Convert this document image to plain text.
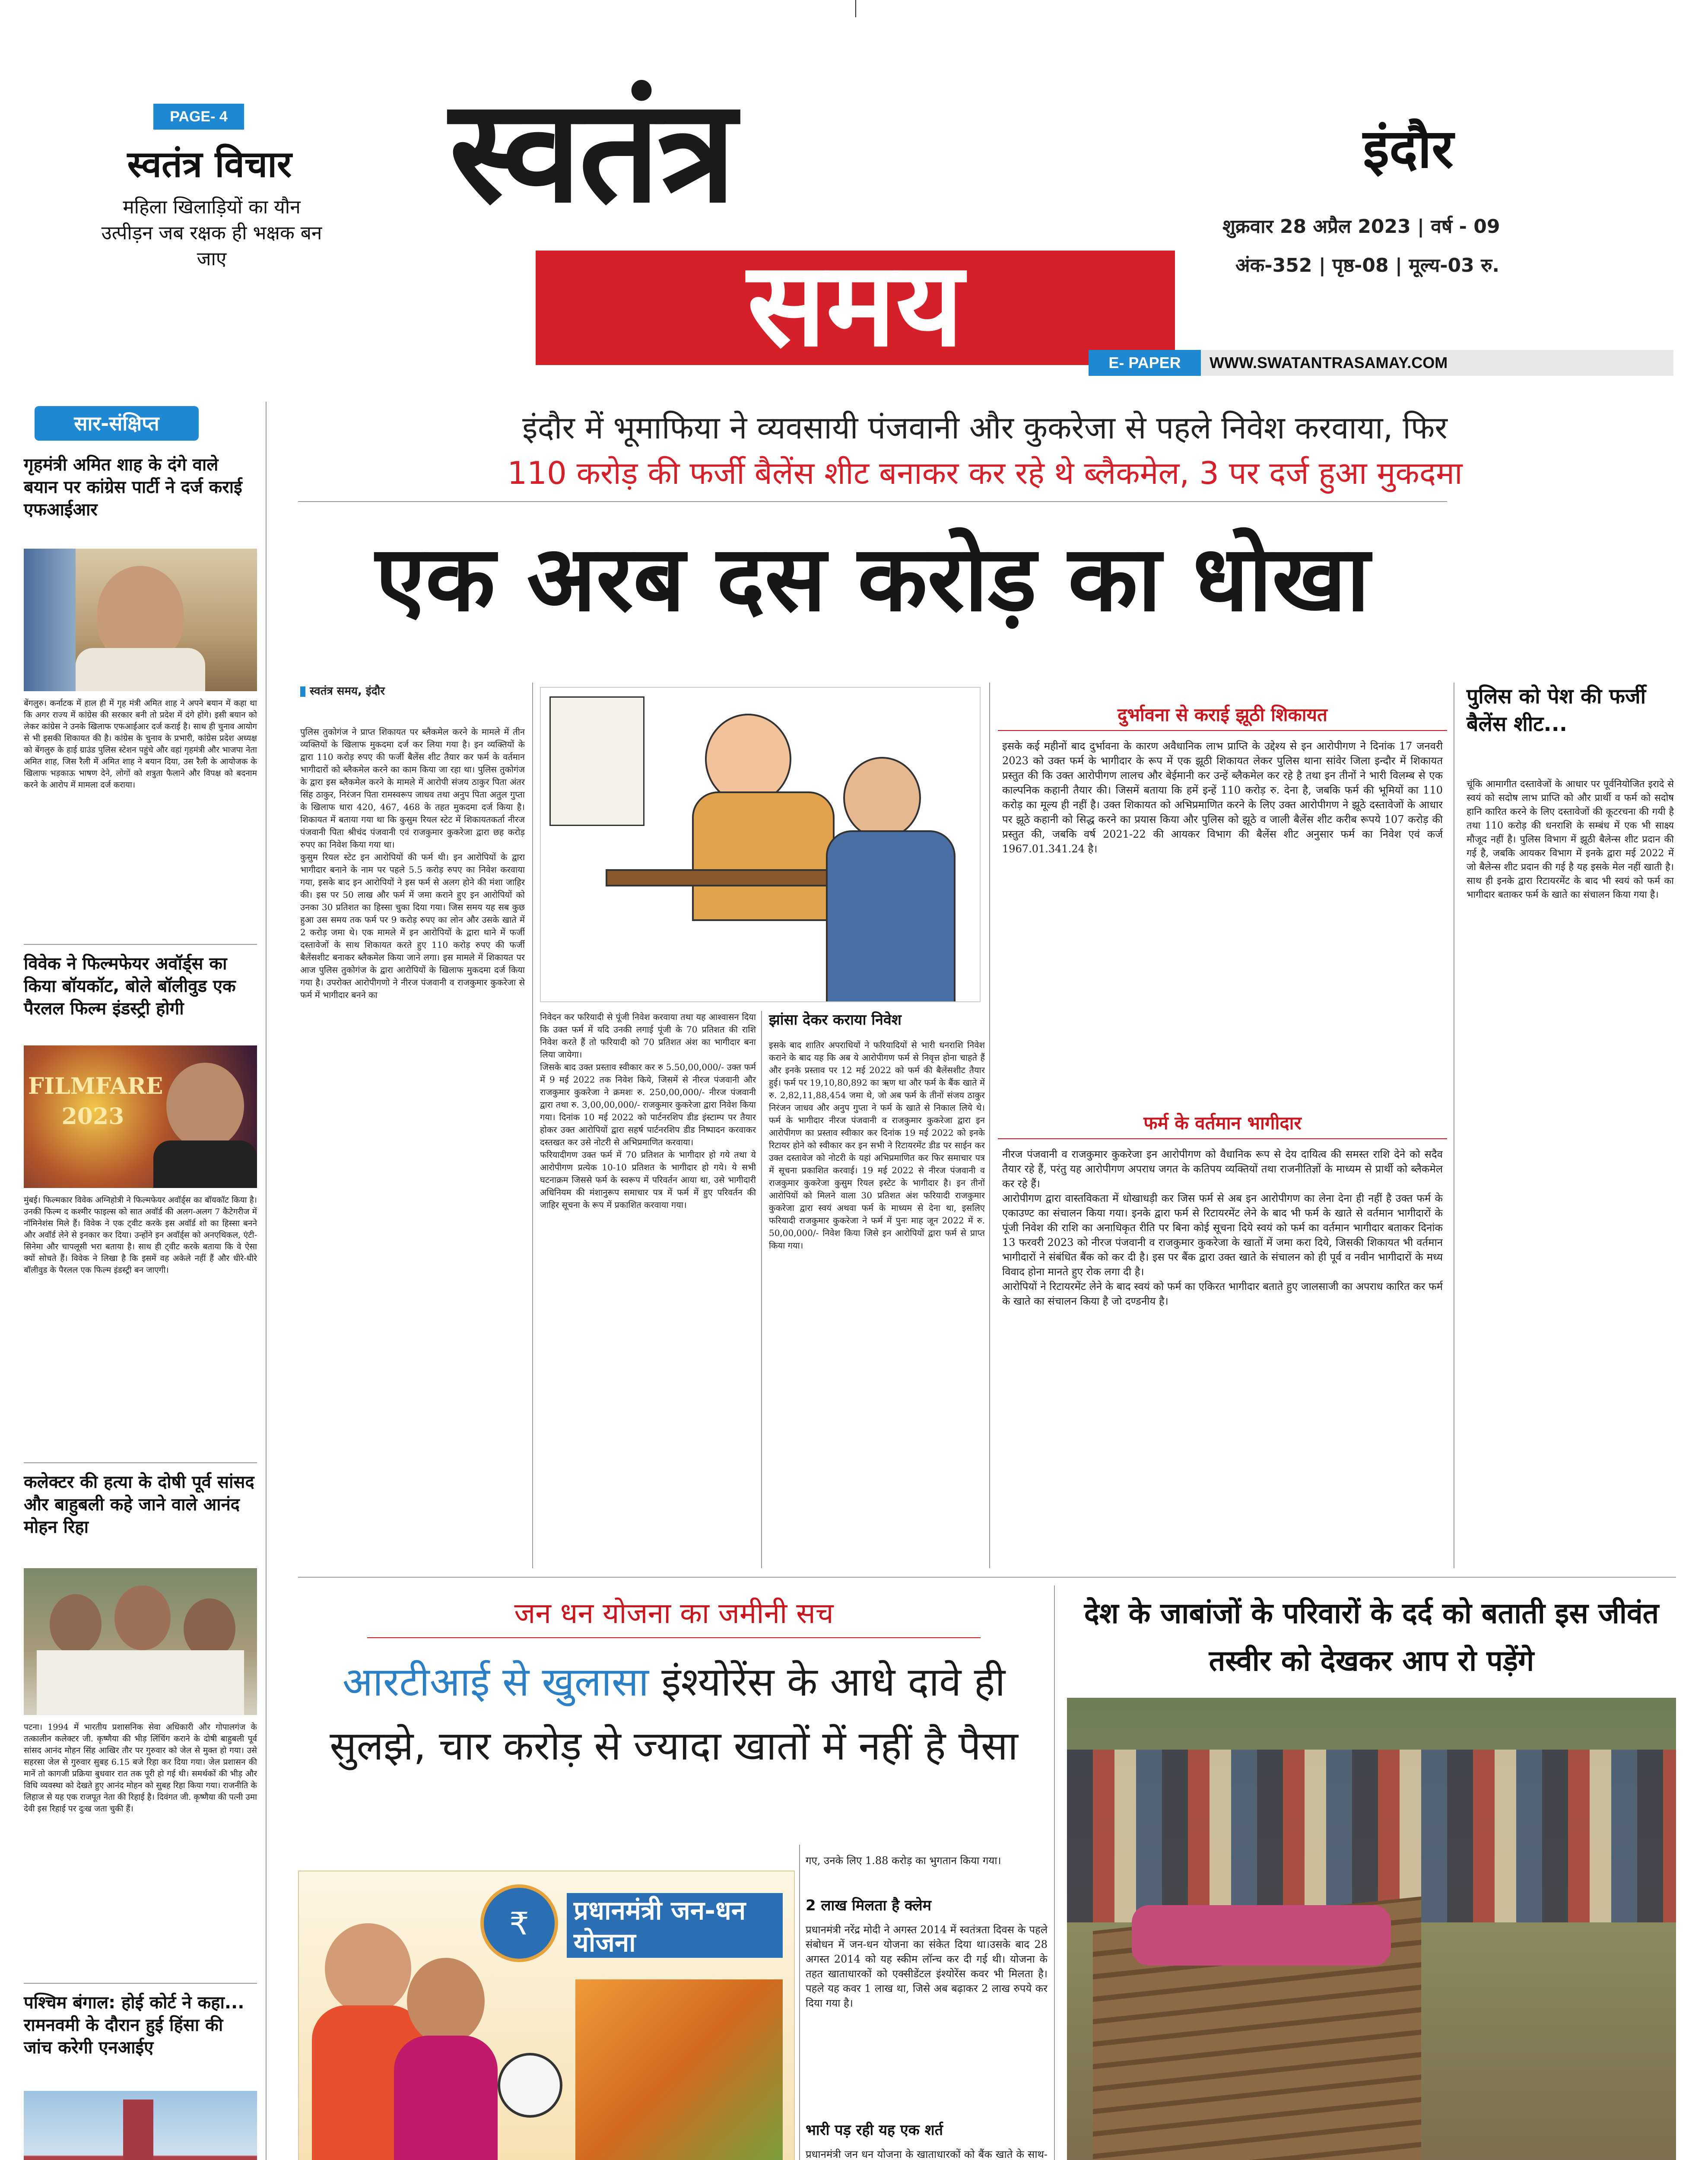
PAGE- 4
स्वतंत्र विचार
महिला खिलाड़ियों का यौन उत्पीड़न जब रक्षक ही भक्षक बन जाए
स्वतंत्र
समय
इंदौर
शुक्रवार 28 अप्रैल 2023 | वर्ष - 09
अंक-352 | पृष्ठ-08 | मूल्य-03 रु.
E- PAPER	WWW.SWATANTRASAMAY.COM
सार-संक्षिप्त
गृहमंत्री अमित शाह के दंगे वाले बयान पर कांग्रेस पार्टी ने दर्ज कराई एफआईआर
बेंगलुरु। कर्नाटक में हाल ही में गृह मंत्री अमित शाह ने अपने बयान में कहा था कि अगर राज्य में कांग्रेस की सरकार बनी तो प्रदेश में दंगे होंगे। इसी बयान को लेकर कांग्रेस ने उनके खिलाफ एफआईआर दर्ज कराई है। साथ ही चुनाव आयोग से भी इसकी शिकायत की है। कांग्रेस के चुनाव के प्रभारी, कांग्रेस प्रदेश अध्यक्ष को बेंगलुरु के हाई ग्राउंड पुलिस स्टेशन पहुंचे और वहां गृहमंत्री और भाजपा नेता अमित शाह, जिस रैली में अमित शाह ने बयान दिया, उस रैली के आयोजक के खिलाफ भड़काऊ भाषण देने, लोगों को शत्रुता फैलाने और विपक्ष को बदनाम करने के आरोप में मामला दर्ज कराया।
विवेक ने फिल्मफेयर अवॉर्ड्स का किया बॉयकॉट, बोले बॉलीवुड एक पैरलल फिल्म इंडस्ट्री होगी
FILMFARE 2023
मुंबई। फिल्मकार विवेक अग्निहोत्री ने फिल्मफेयर अवॉर्ड्स का बॉयकॉट किया है। उनकी फिल्म द कश्मीर फाइल्स को सात अवॉर्ड की अलग-अलग 7 कैटेगरीज में नॉमिनेशंस मिले हैं। विवेक ने एक ट्वीट करके इस अवॉर्ड शो का हिस्सा बनने और अवॉर्ड लेने से इनकार कर दिया। उन्होंने इन अवॉर्ड्स को अनएथिकल, एंटी-सिनेमा और चापलूसी भरा बताया है। साथ ही ट्वीट करके बताया कि वे ऐसा क्यों सोचते हैं। विवेक ने लिखा है कि इसमें वह अकेले नहीं हैं और धीरे-धीरे बॉलीवुड के पैरलल एक फिल्म इंडस्ट्री बन जाएगी।
कलेक्टर की हत्या के दोषी पूर्व सांसद और बाहुबली कहे जाने वाले आनंद मोहन रिहा
पटना। 1994 में भारतीय प्रशासनिक सेवा अधिकारी और गोपालगंज के तत्कालीन कलेक्टर जी. कृष्णैया की भीड़ लिंचिंग कराने के दोषी बाहुबली पूर्व सांसद आनंद मोहन सिंह आखिर तौर पर गुरुवार को जेल से मुक्त हो गया। उसे सहरसा जेल से गुरुवार सुबह 6.15 बजे रिहा कर दिया गया। जेल प्रशासन की मानें तो कागजी प्रक्रिया बुधवार रात तक पूरी हो गई थी। समर्थकों की भीड़ और विधि व्यवस्था को देखते हुए आनंद मोहन को सुबह रिहा किया गया। राजनीति के लिहाज से यह एक राजपूत नेता की रिहाई है। दिवंगत जी. कृष्णैया की पत्नी उमा देवी इस रिहाई पर दुःख जता चुकी हैं।
पश्चिम बंगाल: होई कोर्ट ने कहा... रामनवमी के दौरान हुई हिंसा की जांच करेगी एनआईए
इंदौर में भूमाफिया ने व्यवसायी पंजवानी और कुकरेजा से पहले निवेश करवाया, फिर
110 करोड़ की फर्जी बैलेंस शीट बनाकर कर रहे थे ब्लैकमेल, 3 पर दर्ज हुआ मुकदमा
एक अरब दस करोड़ का धोखा
स्वतंत्र समय, इंदौर
पुलिस तुकोगंज ने प्राप्त शिकायत पर ब्लैकमेल करने के मामले में तीन व्यक्तियों के खिलाफ मुकदमा दर्ज कर लिया गया है। इन व्यक्तियों के द्वारा 110 करोड़ रुपए की फर्जी बैलेंस शीट तैयार कर फर्म के वर्तमान भागीदारों को ब्लैकमेल करने का काम किया जा रहा था। पुलिस तुकोगंज के द्वारा इस ब्लैकमेल करने के मामले में आरोपी संजय ठाकुर पिता अंतर सिंह ठाकुर, निरंजन पिता रामस्वरूप जाधव तथा अनुप पिता अतुल गुप्ता के खिलाफ धारा 420, 467, 468 के तहत मुकदमा दर्ज किया है। शिकायत में बताया गया था कि कुसुम रियल स्टेट में शिकायतकर्ता नीरज पंजवानी पिता श्रीचंद पंजवानी एवं राजकुमार कुकरेजा द्वारा छह करोड़ रुपए का निवेश किया गया था।
कुसुम रियल स्टेट इन आरोपियों की फर्म थी। इन आरोपियों के द्वारा भागीदार बनाने के नाम पर पहले 5.5 करोड़ रुपए का निवेश करवाया गया, इसके बाद इन आरोपियों ने इस फर्म से अलग होने की मंशा जाहिर की। इस पर 50 लाख और फर्म में जमा कराने हुए इन आरोपियों को उनका 30 प्रतिशत का हिस्सा चुका दिया गया। जिस समय यह सब कुछ हुआ उस समय तक फर्म पर 9 करोड़ रुपए का लोन और उसके खाते में 2 करोड़ जमा थे। एक मामले में इन आरोपियों के द्वारा थाने में फर्जी दस्तावेजों के साथ शिकायत करते हुए 110 करोड़ रुपए की फर्जी बैलेंसशीट बनाकर ब्लैकमेल किया जाने लगा। इस मामले में शिकायत पर आज पुलिस तुकोगंज के द्वारा आरोपियों के खिलाफ मुकदमा दर्ज किया गया है। उपरोक्त आरोपीगणो ने नीरज पंजवानी व राजकुमार कुकरेजा से फर्म में भागीदार बनने का
निवेदन कर फरियादी से पूंजी निवेश करवाया तथा यह आश्वासन दिया कि उक्त फर्म में यदि उनकी लगाई पूंजी के 70 प्रतिशत की राशि निवेश करते हैं तो फरियादी को 70 प्रतिशत अंश का भागीदार बना लिया जायेगा।
जिसके बाद उक्त प्रस्ताव स्वीकार कर रु 5.50,00,000/- उक्त फर्म में 9 मई 2022 तक निवेश किये, जिसमें से नीरज पंजवानी और राजकुमार कुकरेजा ने क्रमशः रु. 250,00,000/- नीरज पंजवानी द्वारा तथा रु. 3,00,00,000/- राजकुमार कुकरेजा द्वारा निवेश किया गया। दिनांक 10 मई 2022 को पार्टनरशिप डीड इंस्टाम्प पर तैयार होकर उक्त आरोपियों द्वारा सहर्ष पार्टनरशिप डीड निष्पादन करवाकर दस्तखत कर उसे नोटरी से अभिप्रमाणित करवाया।
फरियादीगण उक्त फर्म में 70 प्रतिशत के भागीदार हो गये तथा ये आरोपीगण प्रत्येक 10-10 प्रतिशत के भागीदार हो गये। ये सभी घटनाक्रम जिससे फर्म के स्वरूप में परिवर्तन आया था, उसे भागीदारी अधिनियम की मंशानुरूप समाचार पत्र में फर्म में हुए परिवर्तन की जाहिर सूचना के रूप में प्रकाशित करवाया गया।
झांसा देकर कराया निवेश
इसके बाद शातिर अपराधियों ने फरियादियों से भारी धनराशि निवेश कराने के बाद यह कि अब ये आरोपीगण फर्म से निवृत्त होना चाहते हैं और इनके प्रस्ताव पर 12 मई 2022 को फर्म की बैलेंसशीट तैयार हुई। फर्म पर 19,10,80,892 का ऋण था और फर्म के बैंक खाते में रु. 2,82,11,88,454 जमा थे, जो अब फर्म के तीनों संजय ठाकुर निरंजन जाधव और अनुप गुप्ता ने फर्म के खाते से निकाल लिये थे। फर्म के भागीदार नीरज पंजवानी व राजकुमार कुकरेजा द्वारा इन आरोपीगण का प्रस्ताव स्वीकार कर दिनांक 19 मई 2022 को इनके रिटायर होने को स्वीकार कर इन सभी ने रिटायरमेंट डीड पर साईन कर उक्त दस्तावेज को नोटरी के यहां अभिप्रमाणित कर फिर समाचार पत्र में सूचना प्रकाशित करवाई। 19 मई 2022 से नीरज पंजवानी व राजकुमार कुकरेजा कुसुम रियल इस्टेट के भागीदार है। इन तीनों आरोपियों को मिलने वाला 30 प्रतिशत अंश फरियादी राजकुमार कुकरेजा द्वारा स्वयं अथवा फर्म के माध्यम से देना था, इसलिए फरियादी राजकुमार कुकरेजा ने फर्म में पुनः माह जून 2022 में रु. 50,00,000/- निवेश किया जिसे इन आरोपियों द्वारा फर्म से प्राप्त किया गया।
दुर्भावना से कराई झूठी शिकायत
इसके कई महीनों बाद दुर्भावना के कारण अवैधानिक लाभ प्राप्ति के उद्देश्य से इन आरोपीगण ने दिनांक 17 जनवरी 2023 को उक्त फर्म के भागीदार के रूप में एक झूठी शिकायत लेकर पुलिस थाना सांवेर जिला इन्दौर में शिकायत प्रस्तुत की कि उक्त आरोपीगण लालच और बेईमानी कर उन्हें ब्लैकमेल कर रहे है तथा इन तीनों ने भारी विलम्ब से एक काल्पनिक कहानी तैयार की। जिसमें बताया कि हमें इन्हें 110 करोड़ रु. देना है, जबकि फर्म की भूमियों का 110 करोड़ का मूल्य ही नहीं है। उक्त शिकायत को अभिप्रमाणित करने के लिए उक्त आरोपीगण ने झूठे दस्तावेजों के आधार पर झूठे कहानी को सिद्ध करने का प्रयास किया और पुलिस को झूठे व जाली बैलेंस शीट करीब रूपये 107 करोड़ की प्रस्तुत की, जबकि वर्ष 2021-22 की आयकर विभाग की बैलेंस शीट अनुसार फर्म का निवेश एवं कर्ज 1967.01.341.24 है।
फर्म के वर्तमान भागीदार
नीरज पंजवानी व राजकुमार कुकरेजा इन आरोपीगण को वैधानिक रूप से देय दायित्व की समस्त राशि देने को सदैव तैयार रहे हैं, परंतु यह आरोपीगण अपराध जगत के कतिपय व्यक्तियों तथा राजनीतिज्ञों के माध्यम से प्रार्थी को ब्लैकमेल कर रहे हैं।
आरोपीगण द्वारा वास्तविकता में धोखाधड़ी कर जिस फर्म से अब इन आरोपीगण का लेना देना ही नहीं है उक्त फर्म के एकाउण्ट का संचालन किया गया। इनके द्वारा फर्म से रिटायरमेंट लेने के बाद भी फर्म के खाते से वर्तमान भागीदारों के पूंजी निवेश की राशि का अनाधिकृत रीति पर बिना कोई सूचना दिये स्वयं को फर्म का वर्तमान भागीदार बताकर दिनांक 13 फरवरी 2023 को नीरज पंजवानी व राजकुमार कुकरेजा के खातों में जमा करा दिये, जिसकी शिकायत भी वर्तमान भागीदारों ने संबंधित बैंक को कर दी है। इस पर बैंक द्वारा उक्त खाते के संचालन को ही पूर्व व नवीन भागीदारों के मध्य विवाद होना मानते हुए रोक लगा दी है।
आरोपियों ने रिटायरमेंट लेने के बाद स्वयं को फर्म का एकिरत भागीदार बताते हुए जालसाजी का अपराध कारित कर फर्म के खाते का संचालन किया है जो दण्डनीय है।
पुलिस को पेश की फर्जी बैलेंस शीट...
चूंकि आमागीत दस्तावेजों के आधार पर पूर्वनियोजित इरादे से स्वयं को सदोष लाभ प्राप्ति को और प्रार्थी व फर्म को सदोष हानि कारित करने के लिए दस्तावेजों की कूटरचना की गयी है तथा 110 करोड़ की धनराशि के सम्बंध में एक भी साक्ष्य मौजूद नहीं है। पुलिस विभाग में झूठी बैलेन्स शीट प्रदान की गई है, जबकि आयकर विभाग में इनके द्वारा मई 2022 में जो बैलेन्स शीट प्रदान की गई है यह इसके मेल नहीं खाती है। साथ ही इनके द्वारा रिटायरमेंट के बाद भी स्वयं को फर्म का भागीदार बताकर फर्म के खाते का संचालन किया गया है।
जन धन योजना का जमीनी सच
आरटीआई से खुलासा इंश्योरेंस के आधे दावे ही सुलझे, चार करोड़ से ज्यादा खातों में नहीं है पैसा
₹ प्रधानमंत्री जन-धन योजना
गए, उनके लिए 1.88 करोड़ का भुगतान किया गया।
2 लाख मिलता है क्लेम
प्रधानमंत्री नरेंद्र मोदी ने अगस्त 2014 में स्वतंत्रता दिवस के पहले संबोधन में जन-धन योजना का संकेत दिया था।उसके बाद 28 अगस्त 2014 को यह स्कीम लॉन्च कर दी गई थी। योजना के तहत खाताधारकों को एक्सीडेंटल इंश्योरेंस कवर भी मिलता है। पहले यह कवर 1 लाख था, जिसे अब बढ़ाकर 2 लाख रुपये कर दिया गया है।
भारी पड़ रही यह एक शर्त
प्रधानमंत्री जन धन योजना के खाताधारकों को बैंक खाते के साथ-
देश के जाबांजों के परिवारों के दर्द को बताती इस जीवंत तस्वीर को देखकर आप रो पड़ेंगे
